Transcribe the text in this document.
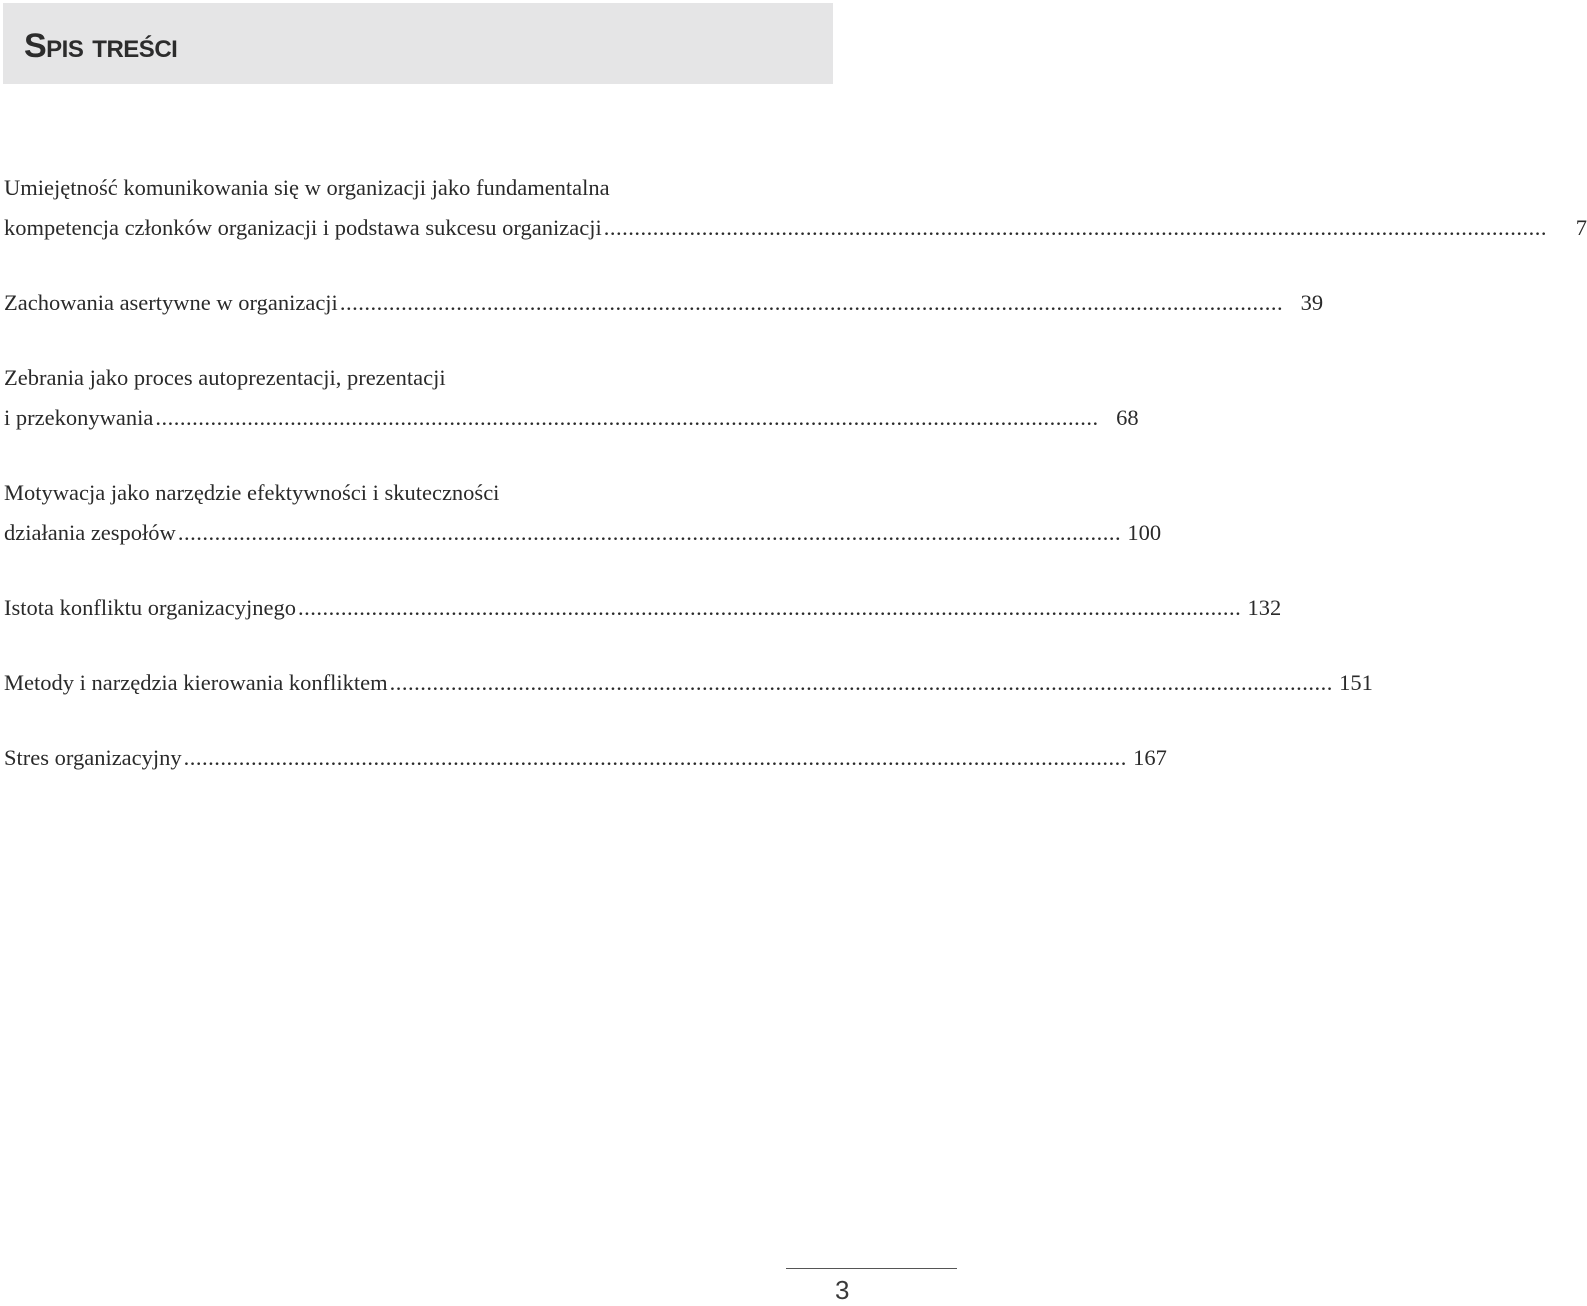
Spis treści
Umiejętność komunikowania się w organizacji jako fundamentalna
kompetencja członków organizacji i podstawa sukcesu organizacji ..........................................................................................................................................................	7
Zachowania asertywne w organizacji .......................................................................................................................................................... 39
Zebrania jako proces autoprezentacji, prezentacji
i przekonywania .......................................................................................................................................................... 68
Motywacja jako narzędzie efektywności i skuteczności
działania zespołów .......................................................................................................................................................... 100
Istota konfliktu organizacyjnego .......................................................................................................................................................... 132
Metody i narzędzia kierowania konfliktem .......................................................................................................................................................... 151
Stres organizacyjny .......................................................................................................................................................... 167
3
